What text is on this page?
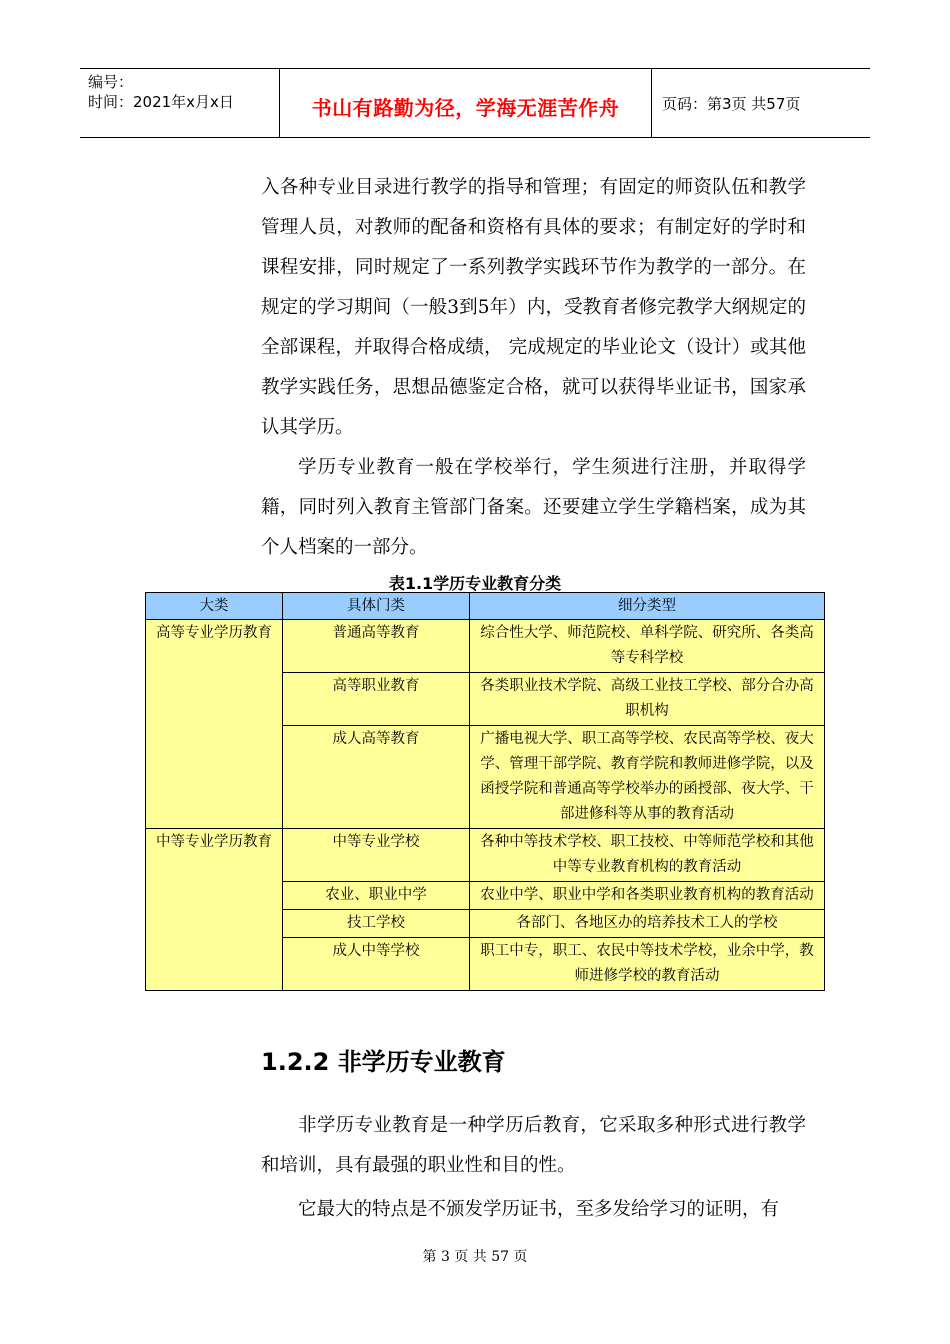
编号：
时间：2021年x月x日	书山有路勤为径，学海无涯苦作舟	页码：第3页 共57页

入各种专业目录进行教学的指导和管理；有固定的师资队伍和教学管理人员，对教师的配备和资格有具体的要求；有制定好的学时和课程安排，同时规定了一系列教学实践环节作为教学的一部分。在规定的学习期间（一般3到5年）内，受教育者修完教学大纲规定的全部课程，并取得合格成绩， 完成规定的毕业论文（设计）或其他教学实践任务，思想品德鉴定合格，就可以获得毕业证书，国家承认其学历。

学历专业教育一般在学校举行，学生须进行注册，并取得学籍，同时列入教育主管部门备案。还要建立学生学籍档案，成为其个人档案的一部分。

表1.1学历专业教育分类
大类	具体门类	细分类型
高等专业学历教育	普通高等教育	综合性大学、师范院校、单科学院、研究所、各类高等专科学校
	高等职业教育	各类职业技术学院、高级工业技工学校、部分合办高职机构
	成人高等教育	广播电视大学、职工高等学校、农民高等学校、夜大学、管理干部学院、教育学院和教师进修学院，以及函授学院和普通高等学校举办的函授部、夜大学、干部进修科等从事的教育活动
中等专业学历教育	中等专业学校	各种中等技术学校、职工技校、中等师范学校和其他中等专业教育机构的教育活动
	农业、职业中学	农业中学、职业中学和各类职业教育机构的教育活动
	技工学校	各部门、各地区办的培养技术工人的学校
	成人中等学校	职工中专，职工、农民中等技术学校，业余中学，教师进修学校的教育活动
1.2.2 非学历专业教育

非学历专业教育是一种学历后教育，它采取多种形式进行教学和培训，具有最强的职业性和目的性。

它最大的特点是不颁发学历证书，至多发给学习的证明，有

第 3 页 共 57 页
